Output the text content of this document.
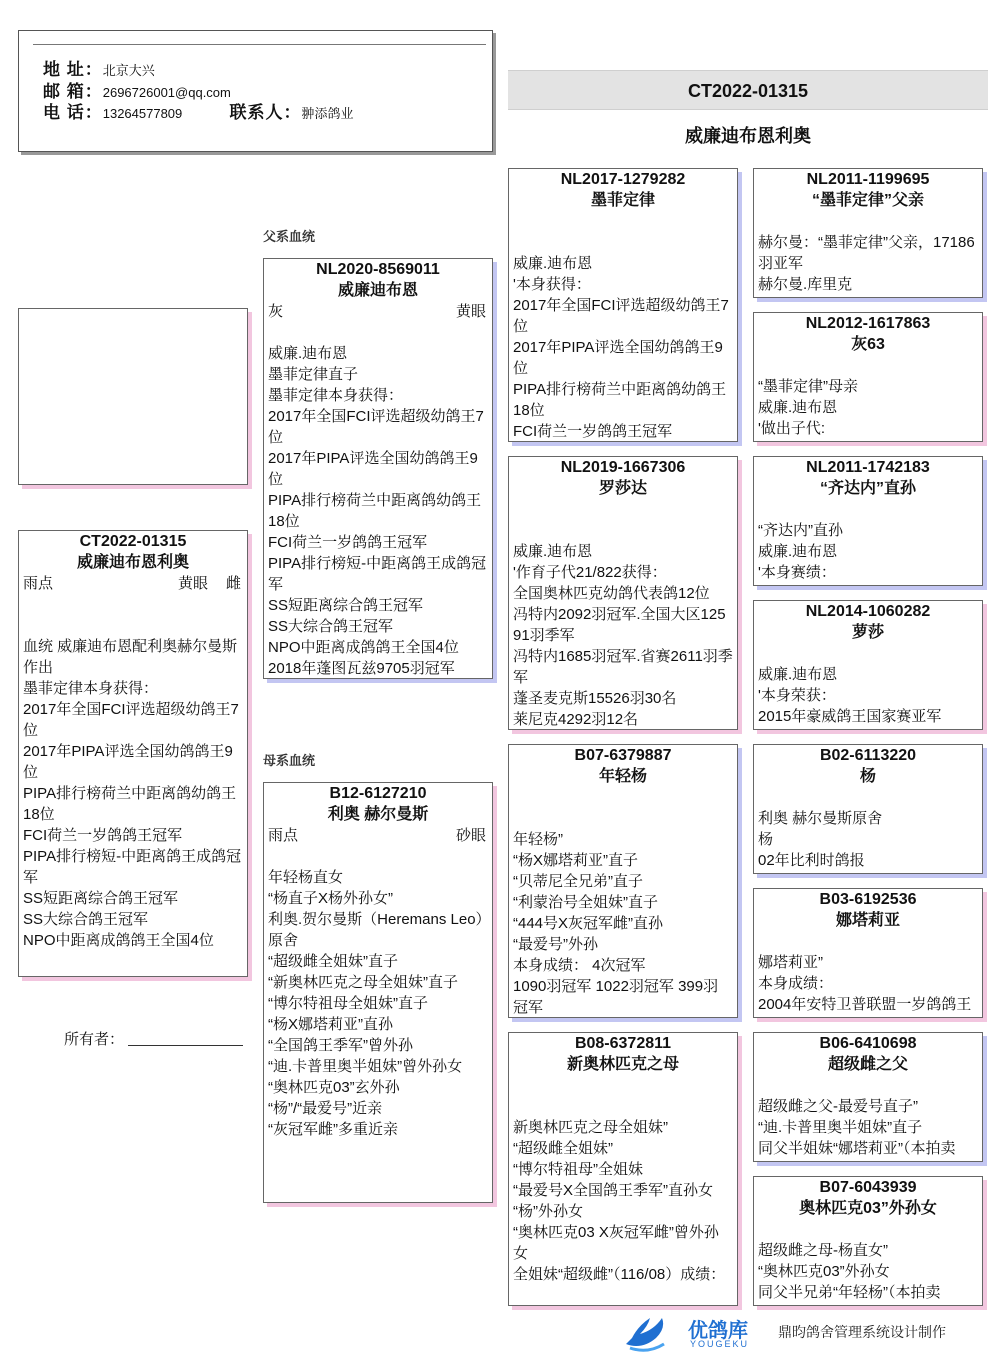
地 址：北京大兴
邮 箱：2696726001@qq.com
电 话：13264577809	联系人：翀添鸽业
CT2022-01315
威廉迪布恩利奥
CT2022-01315
威廉迪布恩利奥
雨点	黄眼 雌
血统 威廉迪布恩配利奥赫尔曼斯作出
墨菲定律本身获得：
2017年全国FCI评选超级幼鸽王7位
2017年PIPA评选全国幼鸽鸽王9位
PIPA排行榜荷兰中距离鸽幼鸽王18位
FCI荷兰一岁鸽鸽王冠军
PIPA排行榜短-中距离鸽王成鸽冠军
SS短距离综合鸽王冠军
SS大综合鸽王冠军
NPO中距离成鸽鸽王全国4位
所有者：
父系血统
母系血统
NL2020-8569011
威廉迪布恩
灰	黄眼

威廉.迪布恩
墨菲定律直子
墨菲定律本身获得：
2017年全国FCI评选超级幼鸽王7位
2017年PIPA评选全国幼鸽鸽王9位
PIPA排行榜荷兰中距离鸽幼鸽王18位
FCI荷兰一岁鸽鸽王冠军
PIPA排行榜短-中距离鸽王成鸽冠军
SS短距离综合鸽王冠军
SS大综合鸽王冠军
NPO中距离成鸽鸽王全国4位
2018年蓬图瓦兹9705羽冠军
B12-6127210
利奥 赫尔曼斯
雨点	砂眼

年轻杨直女
“杨直子X杨外孙女”
利奥.贺尔曼斯（Heremans Leo）原舍
“超级雌全姐妹”直子
“新奥林匹克之母全姐妹”直子
“博尔特祖母全姐妹”直子
“杨X娜塔莉亚”直孙
“全国鸽王季军”曾外孙
“迪.卡普里奥半姐妹”曾外孙女
“奥林匹克03”玄外孙
“杨”/“最爱号”近亲
“灰冠军雌”多重近亲
NL2017-1279282
墨菲定律

威廉.迪布恩
'本身获得：
2017年全国FCI评选超级幼鸽王7位
2017年PIPA评选全国幼鸽鸽王9位
PIPA排行榜荷兰中距离鸽幼鸽王18位
FCI荷兰一岁鸽鸽王冠军
NL2019-1667306
罗莎达

威廉.迪布恩
'作育子代21/822获得：
全国奥林匹克幼鸽代表鸽12位
冯特内2092羽冠军.全国大区12591羽季军
冯特内1685羽冠军.省赛2611羽季军
蓬圣麦克斯15526羽30名
莱尼克4292羽12名
B07-6379887
年轻杨

年轻杨”
“杨X娜塔莉亚”直子
“贝蒂尼全兄弟”直子
“利蒙治号全姐妹”直子
“444号X灰冠军雌”直孙
“最爱号”外孙
本身成绩： 4次冠军
1090羽冠军 1022羽冠军 399羽冠军
B08-6372811
新奥林匹克之母

新奥林匹克之母全姐妹”
“超级雌全姐妹”
“博尔特祖母”全姐妹
“最爱号X全国鸽王季军”直孙女
“杨”外孙女
“奥林匹克03 X灰冠军雌”曾外孙女
全姐妹“超级雌”（116/08）成绩：
NL2011-1199695
“墨菲定律”父亲

赫尔曼：“墨菲定律”父亲，17186羽亚军
赫尔曼.库里克
NL2012-1617863
灰63

“墨菲定律”母亲
威廉.迪布恩
'做出子代:
NL2011-1742183
“齐达内”直孙

“齐达内”直孙
威廉.迪布恩
'本身赛绩：
NL2014-1060282
萝莎

威廉.迪布恩
'本身荣获：
2015年豪威鸽王国家赛亚军
B02-6113220
杨

利奥 赫尔曼斯原舍
杨
02年比利时鸽报
B03-6192536
娜塔莉亚

娜塔莉亚”
本身成绩：
2004年安特卫普联盟一岁鸽鸽王
B06-6410698
超级雌之父

超级雌之父-最爱号直子”
“迪.卡普里奥半姐妹”直子
同父半姐妹“娜塔莉亚”（本拍卖
B07-6043939
奥林匹克03”外孙女

超级雌之母-杨直女”
“奥林匹克03”外孙女
同父半兄弟“年轻杨”（本拍卖
优鸽库
YOUGEKU
鼎昀鸽舍管理系统设计制作
